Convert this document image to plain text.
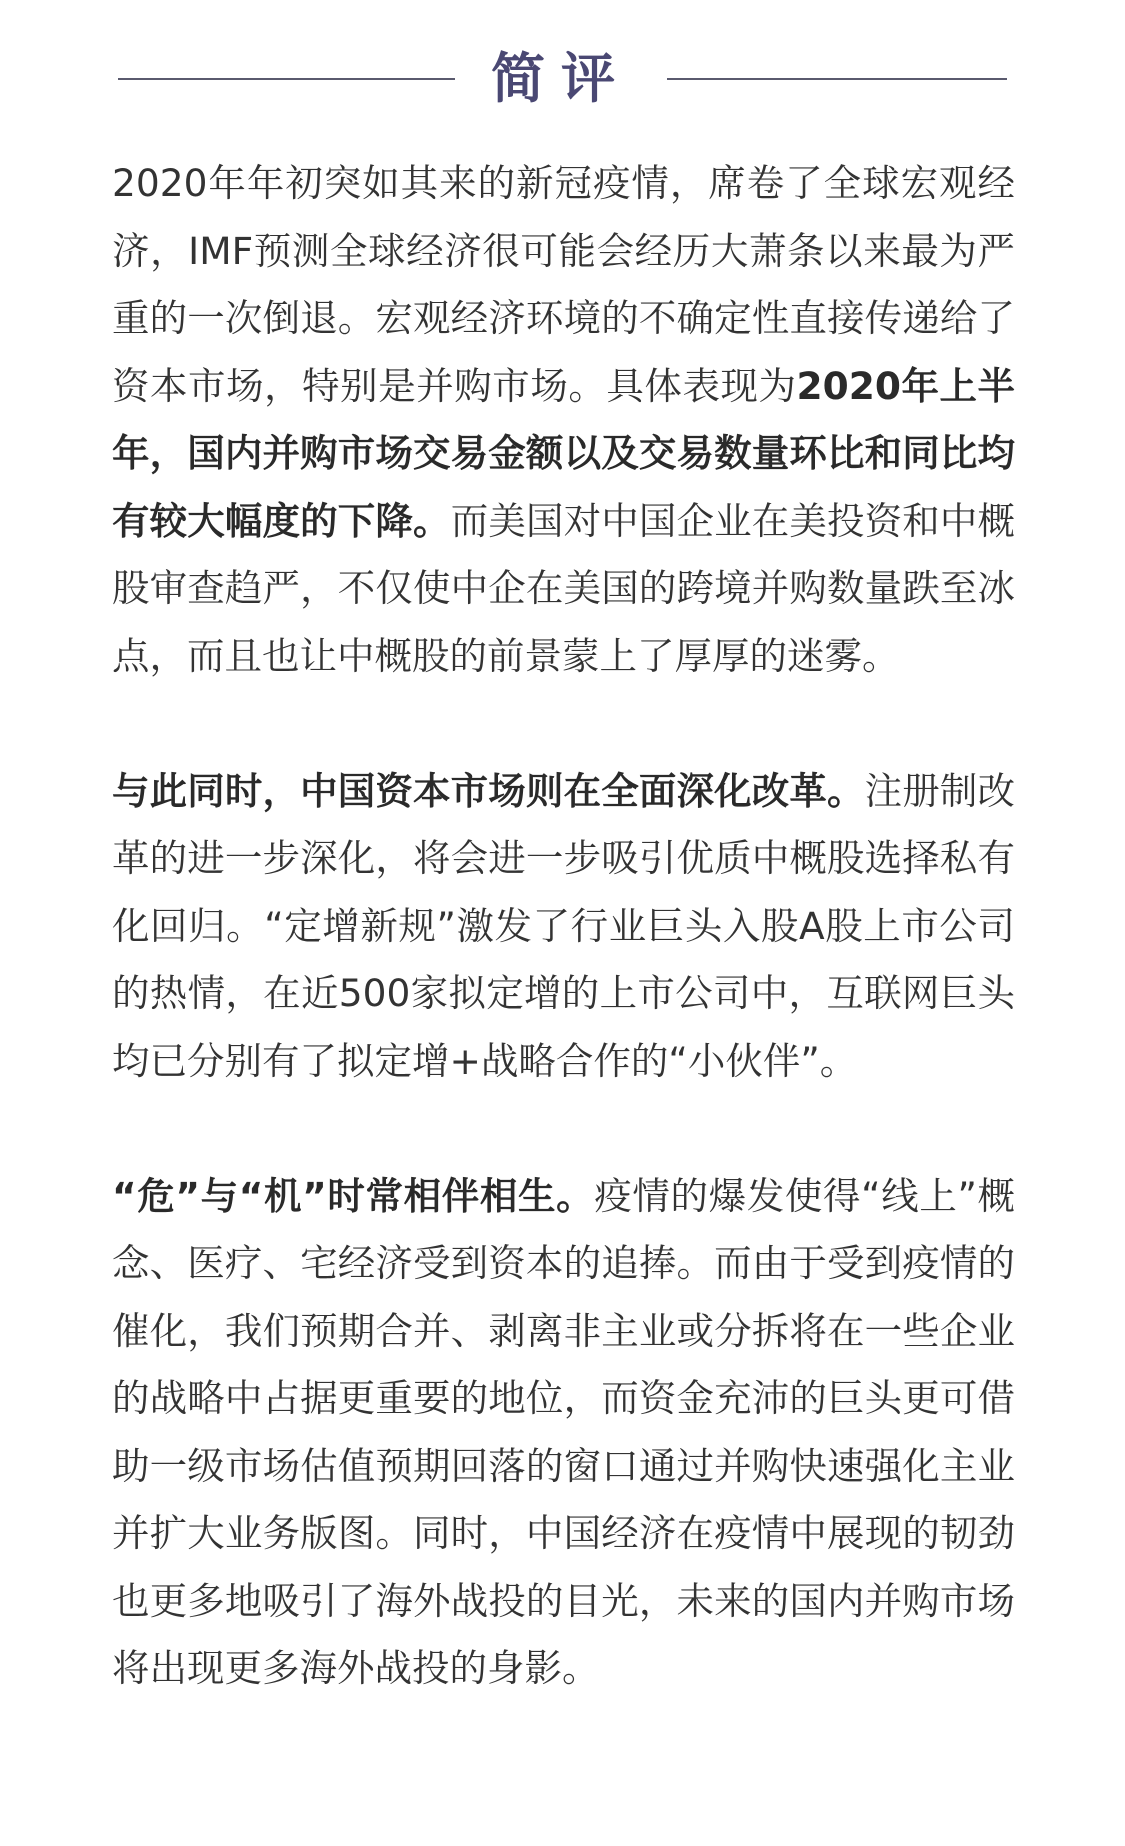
简评

2020年年初突如其来的新冠疫情，席卷了全球宏观经济，IMF预测全球经济很可能会经历大萧条以来最为严重的一次倒退。宏观经济环境的不确定性直接传递给了资本市场，特别是并购市场。具体表现为2020年上半年，国内并购市场交易金额以及交易数量环比和同比均有较大幅度的下降。而美国对中国企业在美投资和中概股审查趋严，不仅使中企在美国的跨境并购数量跌至冰点，而且也让中概股的前景蒙上了厚厚的迷雾。

与此同时，中国资本市场则在全面深化改革。注册制改革的进一步深化，将会进一步吸引优质中概股选择私有化回归。“定增新规”激发了行业巨头入股A股上市公司的热情，在近500家拟定增的上市公司中，互联网巨头均已分别有了拟定增+战略合作的“小伙伴”。

“危”与“机”时常相伴相生。疫情的爆发使得“线上”概念、医疗、宅经济受到资本的追捧。而由于受到疫情的催化，我们预期合并、剥离非主业或分拆将在一些企业的战略中占据更重要的地位，而资金充沛的巨头更可借助一级市场估值预期回落的窗口通过并购快速强化主业并扩大业务版图。同时，中国经济在疫情中展现的韧劲也更多地吸引了海外战投的目光，未来的国内并购市场将出现更多海外战投的身影。
